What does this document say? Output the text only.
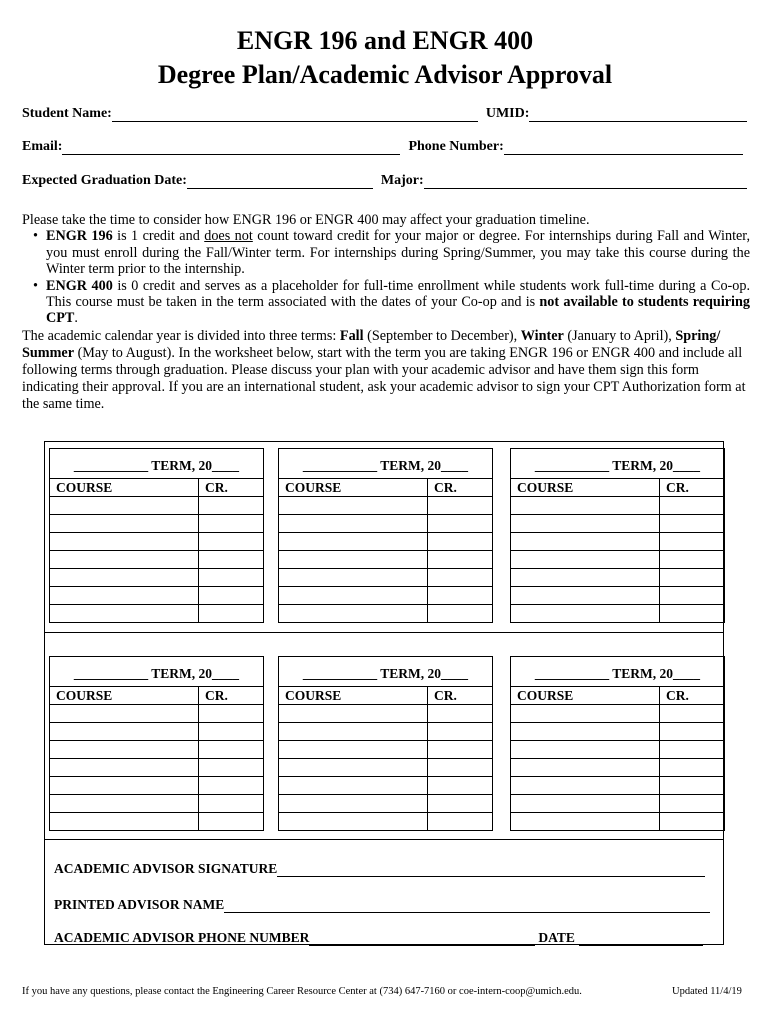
ENGR 196 and ENGR 400
Degree Plan/Academic Advisor Approval
Student Name:	UMID:
Email:	Phone Number:
Expected Graduation Date:	Major:

Please take the time to consider how ENGR 196 or ENGR 400 may affect your graduation timeline.

• ENGR 196 is 1 credit and does not count toward credit for your major or degree. For internships during Fall and Winter, you must enroll during the Fall/Winter term. For internships during Spring/Summer, you may take this course during the Winter term prior to the internship.

• ENGR 400 is 0 credit and serves as a placeholder for full-time enrollment while students work full-time during a Co-op. This course must be taken in the term associated with the dates of your Co-op and is not available to students requiring CPT.

The academic calendar year is divided into three terms: Fall (September to December), Winter (January to April), Spring/ Summer (May to August). In the worksheet below, start with the term you are taking ENGR 196 or ENGR 400 and include all following terms through graduation. Please discuss your plan with your academic advisor and have them sign this form indicating their approval. If you are an international student, ask your academic advisor to sign your CPT Authorization form at the same time.
___________ TERM, 20____
COURSE	CR.

___________ TERM, 20____
COURSE	CR.

___________ TERM, 20____
COURSE	CR.

___________ TERM, 20____
COURSE	CR.

___________ TERM, 20____
COURSE	CR.

___________ TERM, 20____
COURSE	CR.

ACADEMIC ADVISOR SIGNATURE
PRINTED ADVISOR NAME
ACADEMIC ADVISOR PHONE NUMBER	DATE
If you have any questions, please contact the Engineering Career Resource Center at (734) 647-7160 or coe-intern-coop@umich.edu.	Updated 11/4/19
